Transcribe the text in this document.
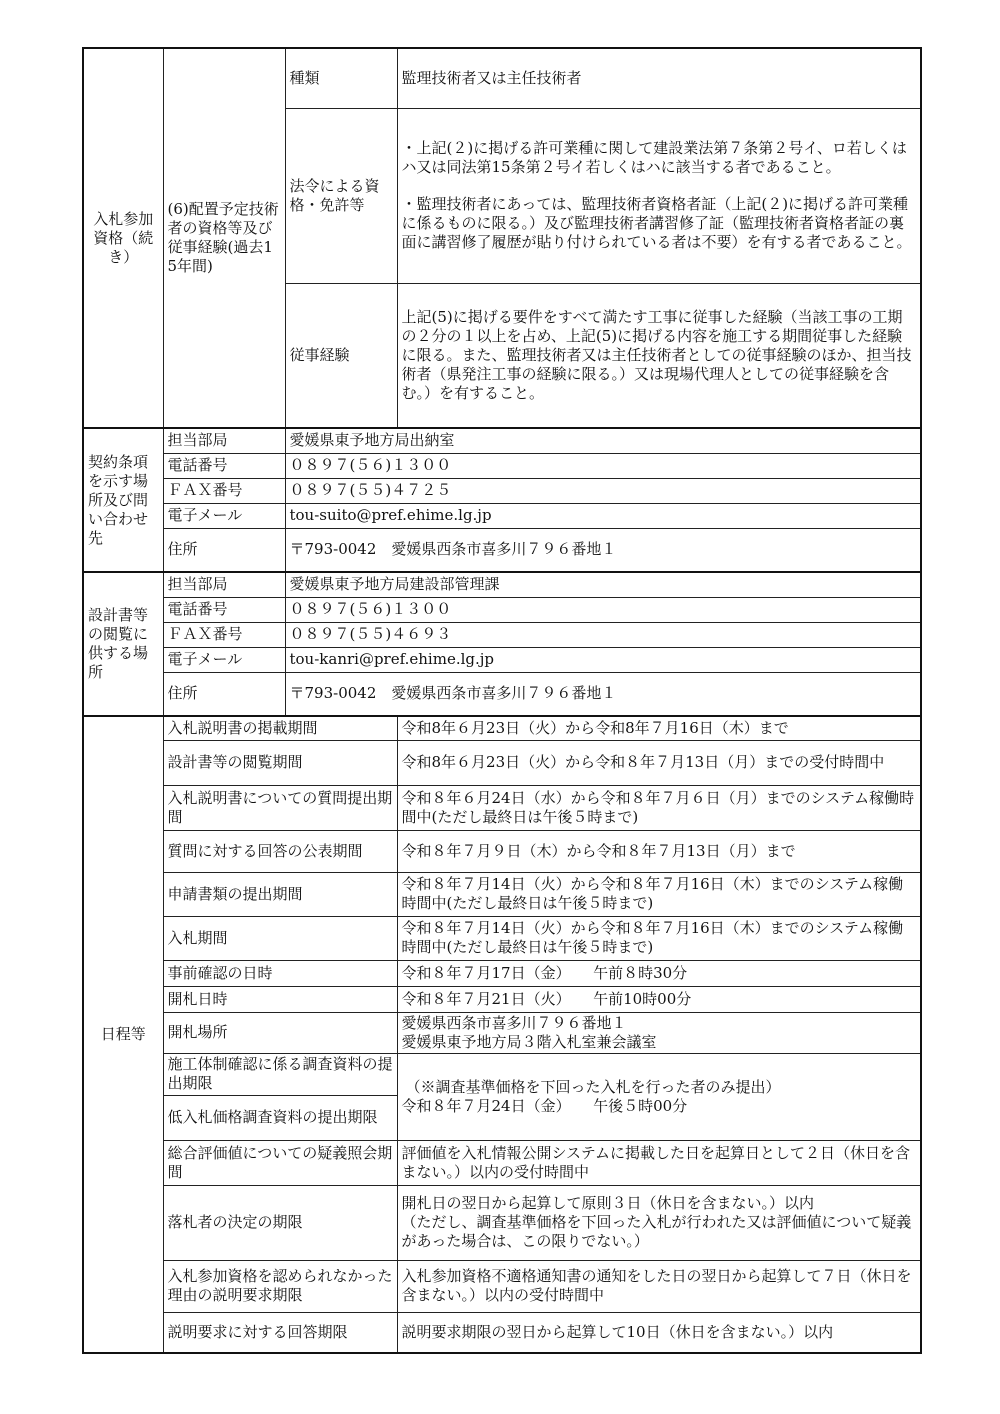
入札参加資格（続き）	(6)配置予定技術者の資格等及び従事経験(過去15年間)	種類	監理技術者又は主任技術者
		法令による資格・免許等	・上記(２)に掲げる許可業種に関して建設業法第７条第２号イ、ロ若しくはハ又は同法第15条第２号イ若しくはハに該当する者であること。

・監理技術者にあっては、監理技術者資格者証（上記(２)に掲げる許可業種に係るものに限る。）及び監理技術者講習修了証（監理技術者資格者証の裏面に講習修了履歴が貼り付けられている者は不要）を有する者であること。

		従事経験	上記(5)に掲げる要件をすべて満たす工事に従事した経験（当該工事の工期の２分の１以上を占め、上記(5)に掲げる内容を施工する期間従事した経験に限る。また、監理技術者又は主任技術者としての従事経験のほか、担当技術者（県発注工事の経験に限る。）又は現場代理人としての従事経験を含む。）を有すること。
契約条項を示す場所及び問い合わせ先	担当部局	愛媛県東予地方局出納室	
	電話番号	０８９７(５６)１３００	
	ＦＡＸ番号	０８９７(５５)４７２５	
	電子メール	tou-suito@pref.ehime.lg.jp	
	住所	〒793-0042　愛媛県西条市喜多川７９６番地１	
設計書等の閲覧に供する場所	担当部局	愛媛県東予地方局建設部管理課	
	電話番号	０８９７(５６)１３００	
	ＦＡＸ番号	０８９７(５５)４６９３	
	電子メール	tou-kanri@pref.ehime.lg.jp	
	住所	〒793-0042　愛媛県西条市喜多川７９６番地１	
日程等	入札説明書の掲載期間		令和8年６月23日（火）から令和8年７月16日（木）まで
	設計書等の閲覧期間		令和8年６月23日（火）から令和８年７月13日（月）までの受付時間中
	入札説明書についての質問提出期間		令和８年６月24日（水）から令和８年７月６日（月）までのシステム稼働時間中(ただし最終日は午後５時まで)
	質問に対する回答の公表期間		令和８年７月９日（木）から令和８年７月13日（月）まで
	申請書類の提出期間		令和８年７月14日（火）から令和８年７月16日（木）までのシステム稼働時間中(ただし最終日は午後５時まで)
	入札期間		令和８年７月14日（火）から令和８年７月16日（木）までのシステム稼働時間中(ただし最終日は午後５時まで)
	事前確認の日時		令和８年７月17日（金）　　午前８時30分
	開札日時		令和８年７月21日（火）　　午前10時00分
	開札場所		愛媛県西条市喜多川７９６番地１
愛媛県東予地方局３階入札室兼会議室
	施工体制確認に係る調査資料の提出期限		（※調査基準価格を下回った入札を行った者のみ提出）
令和８年７月24日（金）　　午後５時00分

	低入札価格調査資料の提出期限		
	総合評価値についての疑義照会期間		評価値を入札情報公開システムに掲載した日を起算日として２日（休日を含まない。）以内の受付時間中
	落札者の決定の期限		開札日の翌日から起算して原則３日（休日を含まない。）以内
（ただし、調査基準価格を下回った入札が行われた又は評価値について疑義があった場合は、この限りでない。）
	入札参加資格を認められなかった理由の説明要求期限		入札参加資格不適格通知書の通知をした日の翌日から起算して７日（休日を含まない。）以内の受付時間中
	説明要求に対する回答期限		説明要求期限の翌日から起算して10日（休日を含まない。）以内
